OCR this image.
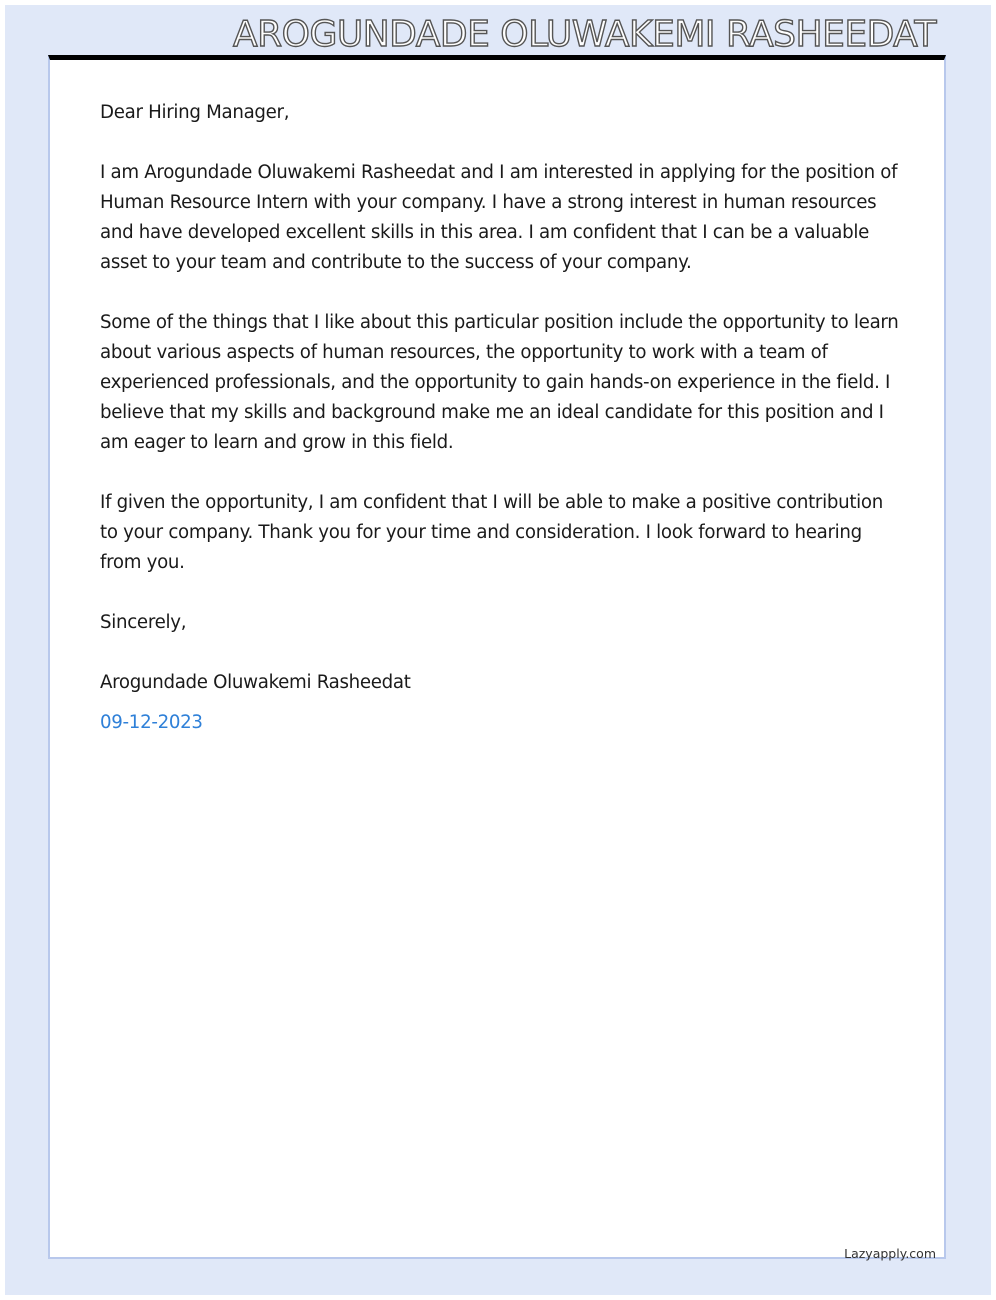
AROGUNDADE OLUWAKEMI RASHEEDAT

Dear Hiring Manager,

I am Arogundade Oluwakemi Rasheedat and I am interested in applying for the position of Human Resource Intern with your company. I have a strong interest in human resources and have developed excellent skills in this area. I am confident that I can be a valuable asset to your team and contribute to the success of your company.

Some of the things that I like about this particular position include the opportunity to learn about various aspects of human resources, the opportunity to work with a team of experienced professionals, and the opportunity to gain hands-on experience in the field. I believe that my skills and background make me an ideal candidate for this position and I am eager to learn and grow in this field.

If given the opportunity, I am confident that I will be able to make a positive contribution to your company. Thank you for your time and consideration. I look forward to hearing from you.

Sincerely,

Arogundade Oluwakemi Rasheedat

09-12-2023

Lazyapply.com
